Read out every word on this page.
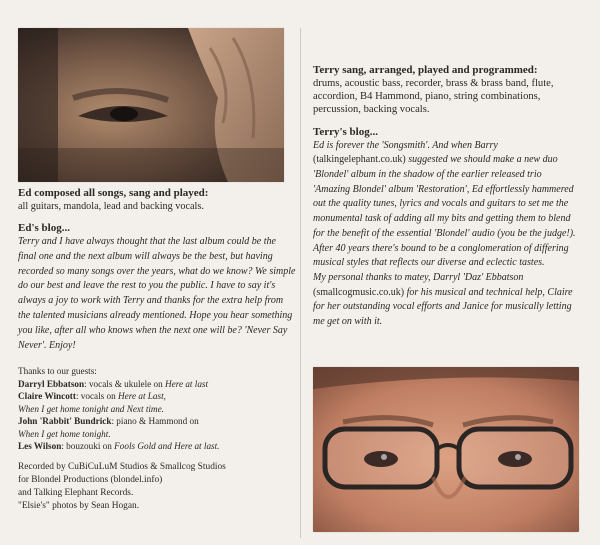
Ed composed all songs, sang and played:

all guitars, mandola, lead and backing vocals.

Ed's blog...

Terry and I have always thought that the last album could be the final one and the next album will always be the best, but having recorded so many songs over the years, what do we know? We simple do our best and leave the rest to you the public. I have to say it's always a joy to work with Terry and thanks for the extra help from the talented musicians already mentioned. Hope you hear something you like, after all who knows when the next one will be? 'Never Say Never'. Enjoy!

Thanks to our guests:

Darryl Ebbatson: vocals & ukulele on Here at last

Claire Wincott: vocals on Here at Last,

When I get home tonight and Next time.

John 'Rabbit' Bundrick: piano & Hammond on

When I get home tonight.

Les Wilson: bouzouki on Fools Gold and Here at last.

Recorded by CuBiCuLuM Studios & Smallcog Studios

for Blondel Productions (blondel.info)

and Talking Elephant Records.

"Elsie's" photos by Sean Hogan.

Terry sang, arranged, played and programmed:

drums, acoustic bass, recorder, brass & brass band, flute, accordion, B4 Hammond, piano, string combinations, percussion, backing vocals.

Terry's blog...

Ed is forever the 'Songsmith'. And when Barry
(talkingelephant.co.uk) suggested we should make a new duo 'Blondel' album in the shadow of the earlier released trio 'Amazing Blondel' album 'Restoration', Ed effortlessly hammered out the quality tunes, lyrics and vocals and guitars to set me the monumental task of adding all my bits and getting them to blend for the benefit of the essential 'Blondel' audio (you be the judge!). After 40 years there's bound to be a conglomeration of differing musical styles that reflects our diverse and eclectic tastes.
My personal thanks to matey, Darryl 'Daz' Ebbatson
(smallcogmusic.co.uk) for his musical and technical help, Claire for her outstanding vocal efforts and Janice for musically letting me get on with it.
